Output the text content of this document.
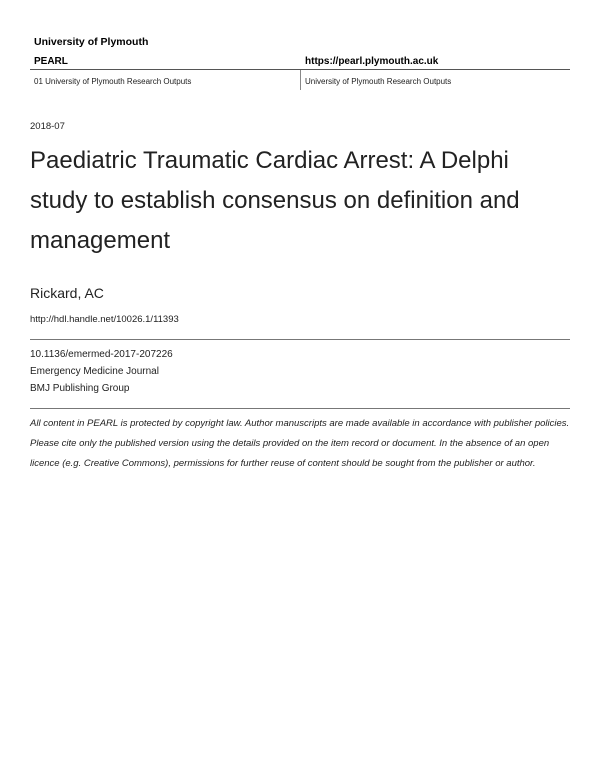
University of Plymouth
PEARL	https://pearl.plymouth.ac.uk
01 University of Plymouth Research Outputs	University of Plymouth Research Outputs
2018-07
Paediatric Traumatic Cardiac Arrest: A Delphi study to establish consensus on definition and management
Rickard, AC
http://hdl.handle.net/10026.1/11393
10.1136/emermed-2017-207226
Emergency Medicine Journal
BMJ Publishing Group

All content in PEARL is protected by copyright law. Author manuscripts are made available in accordance with publisher policies. Please cite only the published version using the details provided on the item record or document. In the absence of an open licence (e.g. Creative Commons), permissions for further reuse of content should be sought from the publisher or author.
